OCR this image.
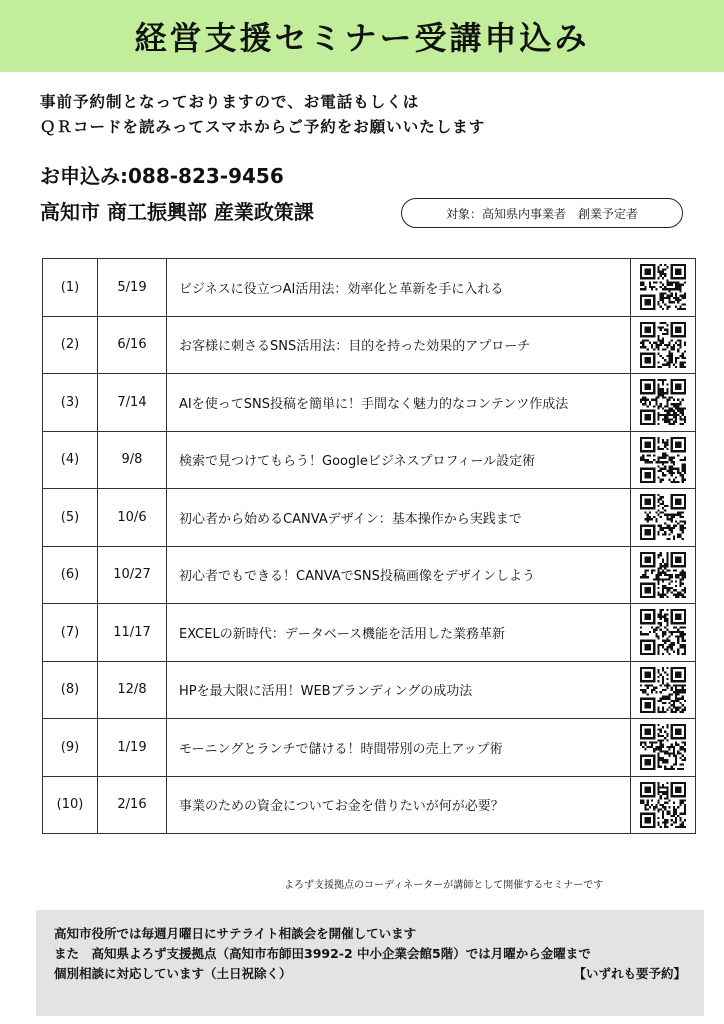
経営支援セミナー受講申込み
事前予約制となっておりますので、お電話もしくは
ＱＲコードを読みってスマホからご予約をお願いいたします
お申込み:088-823-9456
高知市 商工振興部 産業政策課	対象：高知県内事業者　創業予定者
(1)	5/19	ビジネスに役立つAI活用法：効率化と革新を手に入れる	

(2)	6/16	お客様に刺さるSNS活用法：目的を持った効果的アプローチ	

(3)	7/14	AIを使ってSNS投稿を簡単に！手間なく魅力的なコンテンツ作成法	

(4)	9/8	検索で見つけてもらう！Googleビジネスプロフィール設定術	

(5)	10/6	初心者から始めるCANVAデザイン：基本操作から実践まで	

(6)	10/27	初心者でもできる！CANVAでSNS投稿画像をデザインしよう	

(7)	11/17	EXCELの新時代：データベース機能を活用した業務革新	

(8)	12/8	HPを最大限に活用！WEBブランディングの成功法	

(9)	1/19	モーニングとランチで儲ける！時間帯別の売上アップ術	

(10)	2/16	事業のための資金についてお金を借りたいが何が必要？	
よろず支援拠点のコーディネーターが講師として開催するセミナーです
高知市役所では毎週月曜日にサテライト相談会を開催しています
また　高知県よろず支援拠点（高知市布師田3992-2 中小企業会館5階）では月曜から金曜まで
個別相談に対応しています（土日祝除く）	【いずれも要予約】
